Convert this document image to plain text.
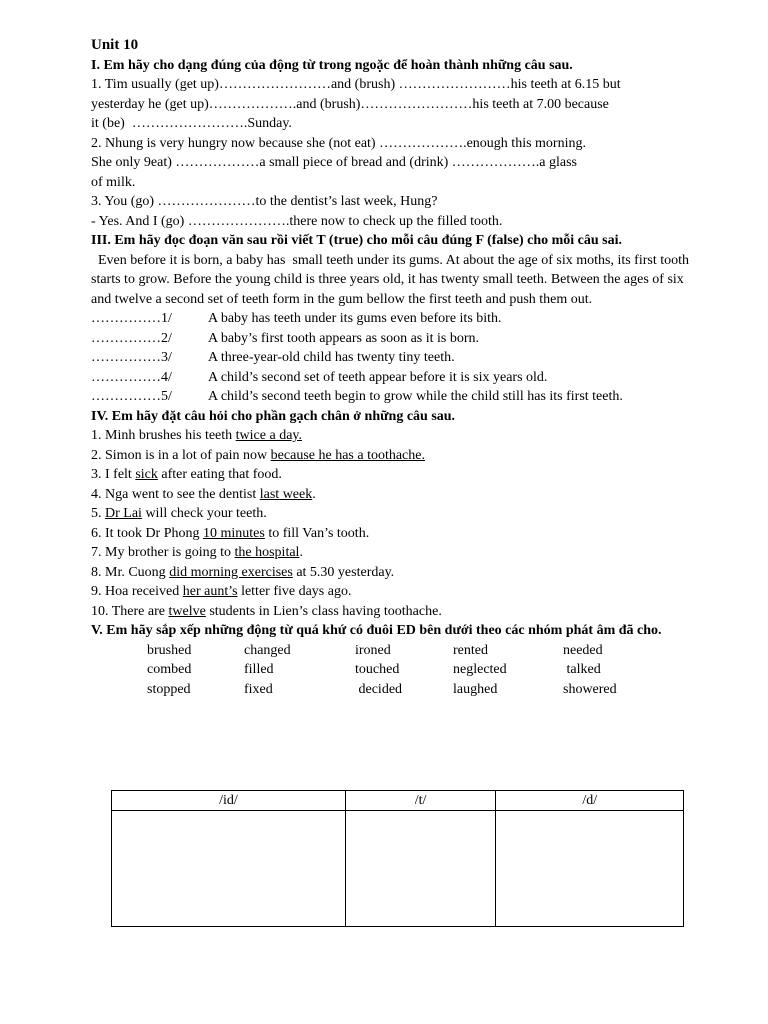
Unit 10
I. Em hãy cho dạng đúng của động từ trong ngoặc để hoàn thành những câu sau.
1. Tim usually (get up)……………………and (brush) ……………………his teeth at 6.15 but
yesterday he (get up)……………….and (brush)……………………his teeth at 7.00 because
it (be)  …………………….Sunday.
2. Nhung is very hungry now because she (not eat) ……………….enough this morning.
She only 9eat) ………………a small piece of bread and (drink) ……………….a glass
of milk.
3. You (go) …………………to the dentist’s last week, Hung?
- Yes. And I (go) ………………….there now to check up the filled tooth.
III. Em hãy đọc đoạn văn sau rồi viết T (true) cho mỗi câu đúng F (false) cho mỗi câu sai.
Even before it is born, a baby has  small teeth under its gums. At about the age of six moths, its first tooth starts to grow. Before the young child is three years old, it has twenty small teeth. Between the ages of six and twelve a second set of teeth form in the gum bellow the first teeth and push them out.
……………1/	A baby has teeth under its gums even before its bith.
……………2/	A baby’s first tooth appears as soon as it is born.
……………3/	A three-year-old child has twenty tiny teeth.
……………4/	A child’s second set of teeth appear before it is six years old.
……………5/	A child’s second teeth begin to grow while the child still has its first teeth.
IV. Em hãy đặt câu hỏi cho phần gạch chân ở những câu sau.
1. Minh brushes his teeth twice a day.
2. Simon is in a lot of pain now because he has a toothache.
3. I felt sick after eating that food.
4. Nga went to see the dentist last week.
5. Dr Lai will check your teeth.
6. It took Dr Phong 10 minutes to fill Van’s tooth.
7. My brother is going to the hospital.
8. Mr. Cuong did morning exercises at 5.30 yesterday.
9. Hoa received her aunt’s letter five days ago.
10. There are twelve students in Lien’s class having toothache.
V. Em hãy sắp xếp những động từ quá khứ có đuôi ED bên dưới theo các nhóm phát âm đã cho.
brushed	changed	ironed	rented	needed
combed	filled	touched	neglected	talked
stopped	fixed	decided	laughed	showered
/id/	/t/	/d/
